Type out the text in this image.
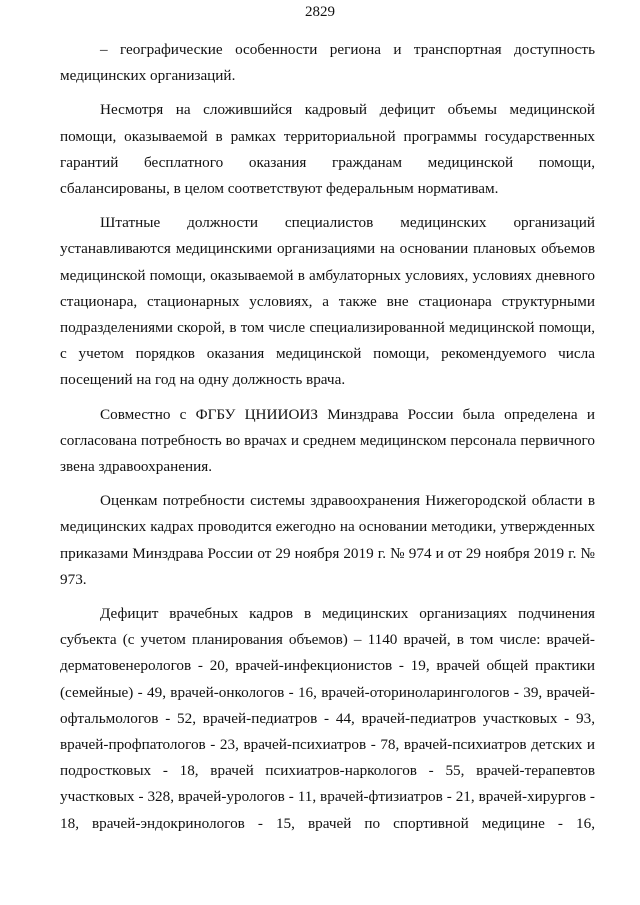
2829

– географические особенности региона и транспортная доступность медицинских организаций.

Несмотря на сложившийся кадровый дефицит объемы медицинской помощи, оказываемой в рамках территориальной программы государственных гарантий бесплатного оказания гражданам медицинской помощи, сбалансированы, в целом соответствуют федеральным нормативам.

Штатные должности специалистов медицинских организаций устанавливаются медицинскими организациями на основании плановых объемов медицинской помощи, оказываемой в амбулаторных условиях, условиях дневного стационара, стационарных условиях, а также вне стационара структурными подразделениями скорой, в том числе специализированной медицинской помощи, с учетом порядков оказания медицинской помощи, рекомендуемого числа посещений на год на одну должность врача.

Совместно с ФГБУ ЦНИИОИЗ Минздрава России была определена и согласована потребность во врачах и среднем медицинском персонала первичного звена здравоохранения.

Оценкам потребности системы здравоохранения Нижегородской области в медицинских кадрах проводится ежегодно на основании методики, утвержденных приказами Минздрава России от 29 ноября 2019 г. № 974 и от 29 ноября 2019 г. № 973.

Дефицит врачебных кадров в медицинских организациях подчинения субъекта (с учетом планирования объемов) – 1140 врачей, в том числе: врачей-дерматовенерологов - 20, врачей-инфекционистов - 19, врачей общей практики (семейные) - 49, врачей-онкологов - 16, врачей-оториноларингологов - 39, врачей-офтальмологов - 52, врачей-педиатров - 44, врачей-педиатров участковых - 93, врачей-профпатологов - 23, врачей-психиатров - 78, врачей-психиатров детских и подростковых - 18, врачей психиатров-наркологов - 55, врачей-терапевтов участковых - 328, врачей-урологов - 11, врачей-фтизиатров - 21, врачей-хирургов - 18, врачей-эндокринологов - 15, врачей по спортивной медицине - 16,
